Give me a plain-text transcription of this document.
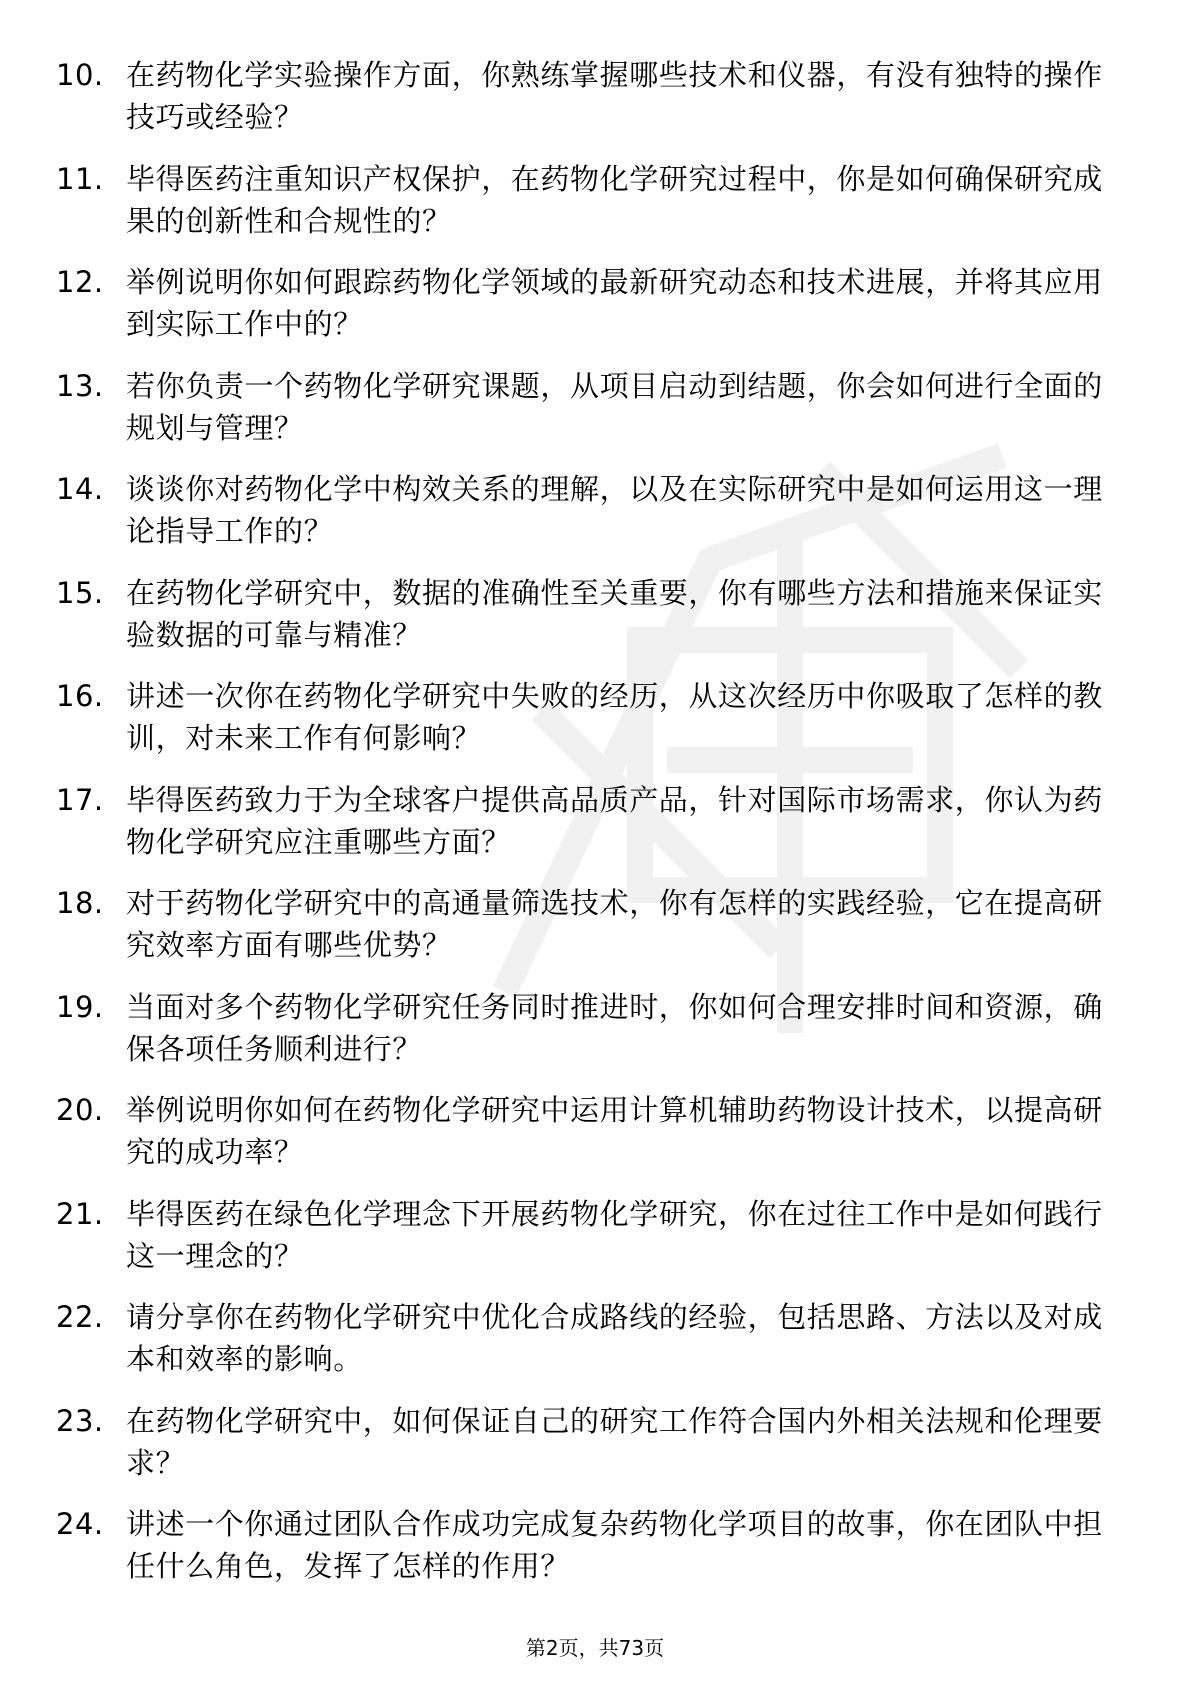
10. 在药物化学实验操作方面，你熟练掌握哪些技术和仪器，有没有独特的操作技巧或经验？
11. 毕得医药注重知识产权保护，在药物化学研究过程中，你是如何确保研究成果的创新性和合规性的？
12. 举例说明你如何跟踪药物化学领域的最新研究动态和技术进展，并将其应用到实际工作中的？
13. 若你负责一个药物化学研究课题，从项目启动到结题，你会如何进行全面的规划与管理？
14. 谈谈你对药物化学中构效关系的理解，以及在实际研究中是如何运用这一理论指导工作的？
15. 在药物化学研究中，数据的准确性至关重要，你有哪些方法和措施来保证实验数据的可靠与精准？
16. 讲述一次你在药物化学研究中失败的经历，从这次经历中你吸取了怎样的教训，对未来工作有何影响？
17. 毕得医药致力于为全球客户提供高品质产品，针对国际市场需求，你认为药物化学研究应注重哪些方面？
18. 对于药物化学研究中的高通量筛选技术，你有怎样的实践经验，它在提高研究效率方面有哪些优势？
19. 当面对多个药物化学研究任务同时推进时，你如何合理安排时间和资源，确保各项任务顺利进行？
20. 举例说明你如何在药物化学研究中运用计算机辅助药物设计技术，以提高研究的成功率？
21. 毕得医药在绿色化学理念下开展药物化学研究，你在过往工作中是如何践行这一理念的？
22. 请分享你在药物化学研究中优化合成路线的经验，包括思路、方法以及对成本和效率的影响。
23. 在药物化学研究中，如何保证自己的研究工作符合国内外相关法规和伦理要求？
24. 讲述一个你通过团队合作成功完成复杂药物化学项目的故事，你在团队中担任什么角色，发挥了怎样的作用？
第2页，共73页
